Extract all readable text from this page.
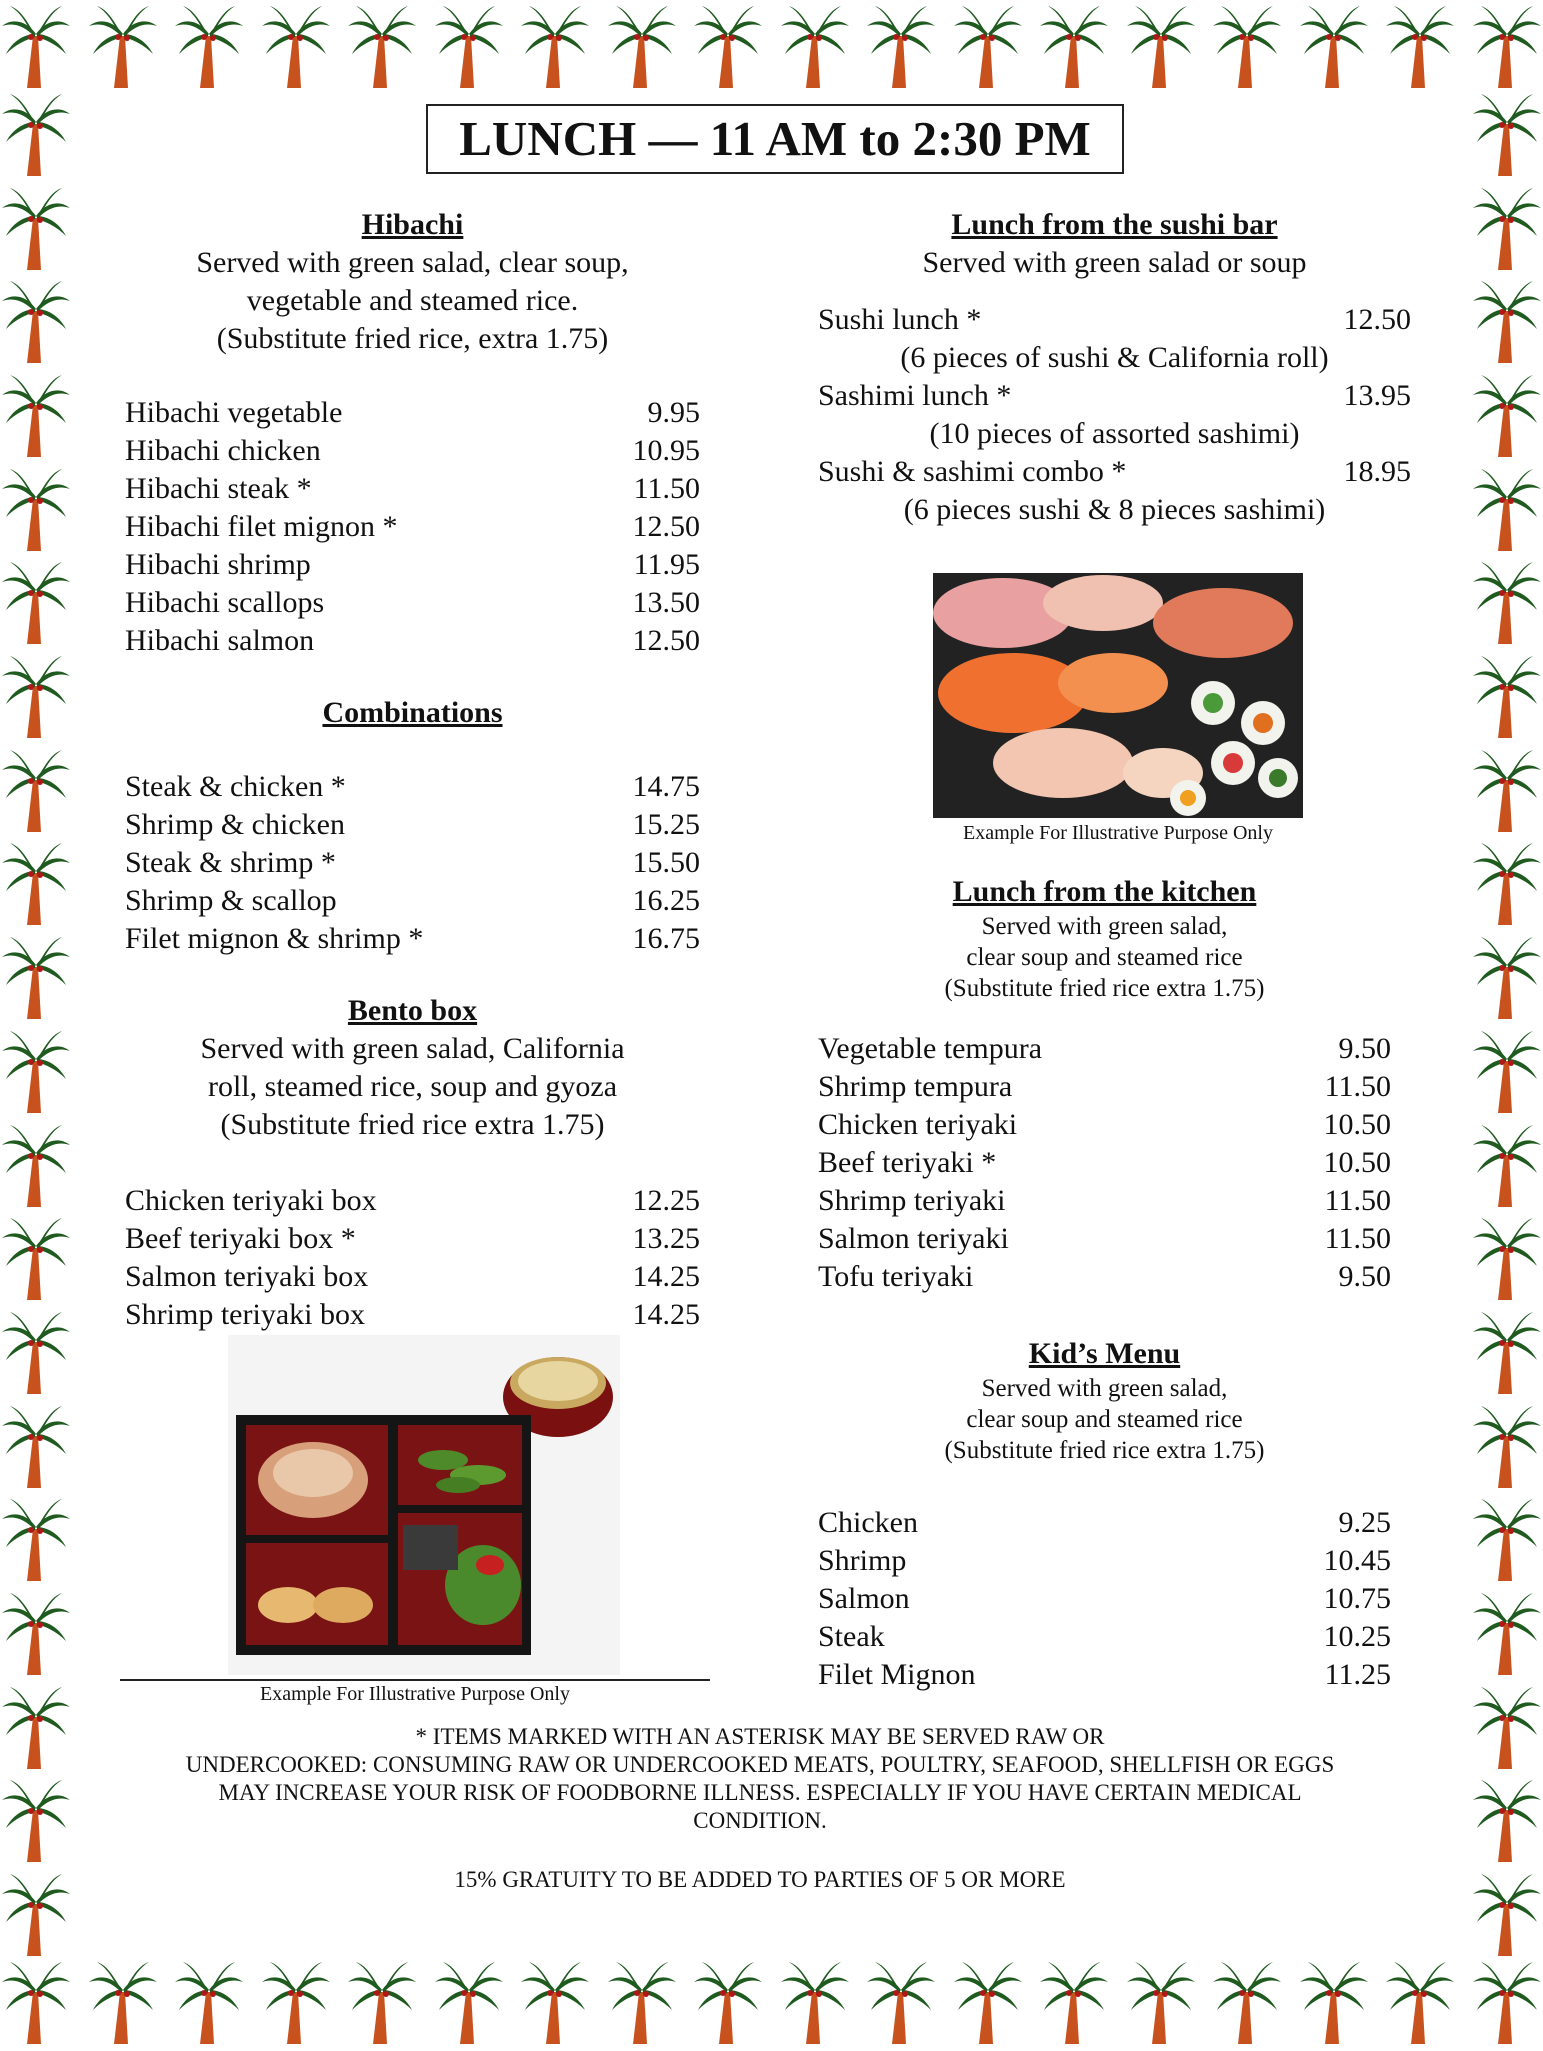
LUNCH — 11 AM to 2:30 PM
Hibachi

Served with green salad, clear soup,
vegetable and steamed rice.
(Substitute fried rice, extra 1.75)

Hibachi vegetable	9.95
Hibachi chicken	10.95
Hibachi steak *	11.50
Hibachi filet mignon *	12.50
Hibachi shrimp	11.95
Hibachi scallops	13.50
Hibachi salmon	12.50
Combinations
Steak & chicken *	14.75
Shrimp & chicken	15.25
Steak & shrimp *	15.50
Shrimp & scallop	16.25
Filet mignon & shrimp *	16.75
Bento box

Served with green salad, California
roll, steamed rice, soup and gyoza
(Substitute fried rice extra 1.75)

Chicken teriyaki box	12.25
Beef teriyaki box *	13.25
Salmon teriyaki box	14.25
Shrimp teriyaki box	14.25
Example For Illustrative Purpose Only
Lunch from the sushi bar

Served with green salad or soup

Sushi lunch *	12.50
(6 pieces of sushi & California roll)
Sashimi lunch *	13.95
(10 pieces of assorted sashimi)
Sushi & sashimi combo *	18.95
(6 pieces sushi & 8 pieces sashimi)
Example For Illustrative Purpose Only
Lunch from the kitchen

Served with green salad,
clear soup and steamed rice
(Substitute fried rice extra 1.75)

Vegetable tempura	9.50
Shrimp tempura	11.50
Chicken teriyaki	10.50
Beef teriyaki *	10.50
Shrimp teriyaki	11.50
Salmon teriyaki	11.50
Tofu teriyaki	9.50
Kid’s Menu

Served with green salad,
clear soup and steamed rice
(Substitute fried rice extra 1.75)

Chicken	9.25
Shrimp	10.45
Salmon	10.75
Steak	10.25
Filet Mignon	11.25
* ITEMS MARKED WITH AN ASTERISK MAY BE SERVED RAW OR
UNDERCOOKED: CONSUMING RAW OR UNDERCOOKED MEATS, POULTRY, SEAFOOD, SHELLFISH OR EGGS
MAY INCREASE YOUR RISK OF FOODBORNE ILLNESS. ESPECIALLY IF YOU HAVE CERTAIN MEDICAL
CONDITION.
15% GRATUITY TO BE ADDED TO PARTIES OF 5 OR MORE
